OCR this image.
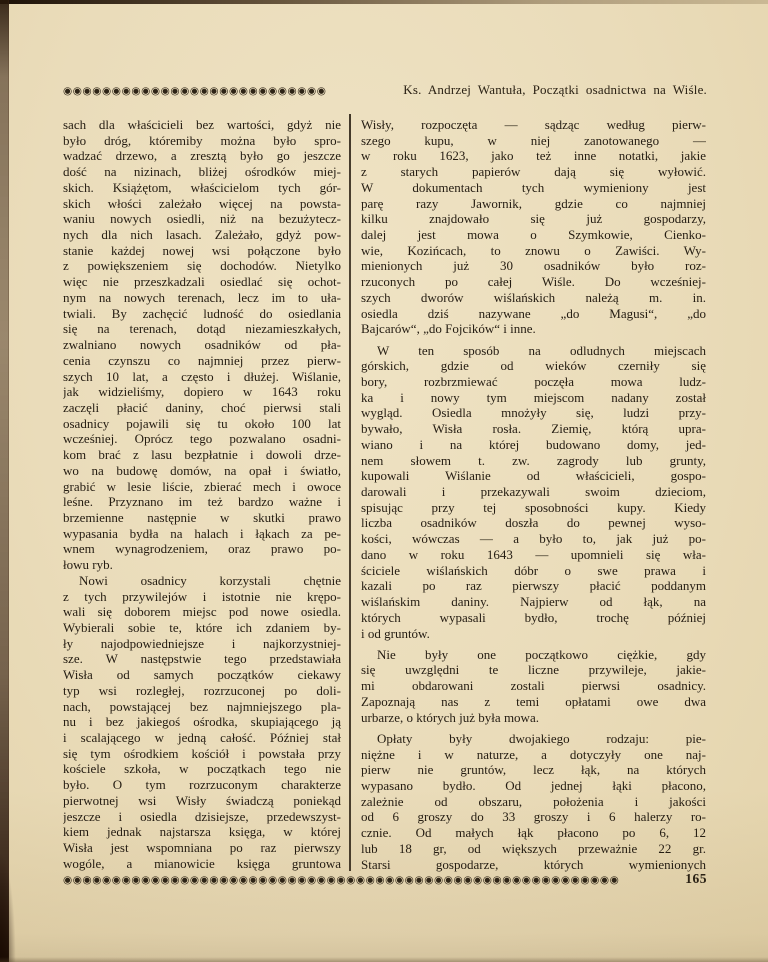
◉◉◉◉◉◉◉◉◉◉◉◉◉◉◉◉◉◉◉◉◉◉◉◉◉◉◉	Ks. Andrzej Wantuła, Początki osadnictwa na Wiśle.
sach dla właścicieli bez wartości, gdyż nie
było dróg, któremiby można było spro-
wadzać drzewo, a zresztą było go jeszcze
dość na nizinach, bliżej ośrodków miej-
skich. Książętom, właścicielom tych gór-
skich włości zależało więcej na powsta-
waniu nowych osiedli, niż na bezużytecz-
nych dla nich lasach. Zależało, gdyż pow-
stanie każdej nowej wsi połączone było
z powiększeniem się dochodów. Nietylko
więc nie przeszkadzali osiedlać się ochot-
nym na nowych terenach, lecz im to uła-
twiali. By zachęcić ludność do osiedlania
się na terenach, dotąd niezamieszkałych,
zwalniano nowych osadników od pła-
cenia czynszu co najmniej przez pierw-
szych 10 lat, a często i dłużej. Wiślanie,
jak widzieliśmy, dopiero w 1643 roku
zaczęli płacić daniny, choć pierwsi stali
osadnicy pojawili się tu około 100 lat
wcześniej. Oprócz tego pozwalano osadni-
kom brać z lasu bezpłatnie i dowoli drze-
wo na budowę domów, na opał i światło,
grabić w lesie liście, zbierać mech i owoce
leśne. Przyznano im też bardzo ważne i
brzemienne następnie w skutki prawo
wypasania bydła na halach i łąkach za pe-
wnem wynagrodzeniem, oraz prawo po-
łowu ryb.
Nowi osadnicy korzystali chętnie
z tych przywilejów i istotnie nie krępo-
wali się doborem miejsc pod nowe osiedla.
Wybierali sobie te, które ich zdaniem by-
ły najodpowiedniejsze i najkorzystniej-
sze. W następstwie tego przedstawiała
Wisła od samych początków ciekawy
typ wsi rozległej, rozrzuconej po doli-
nach, powstającej bez najmniejszego pla-
nu i bez jakiegoś ośrodka, skupiającego ją
i scalającego w jedną całość. Później stał
się tym ośrodkiem kościół i powstała przy
kościele szkoła, w początkach tego nie
było. O tym rozrzuconym charakterze
pierwotnej wsi Wisły świadczą poniekąd
jeszcze i osiedla dzisiejsze, przedewszyst-
kiem jednak najstarsza księga, w której
Wisła jest wspomniana po raz pierwszy
wogóle, a mianowicie księga gruntowa
Wisły, rozpoczęta — sądząc według pierw-
szego kupu, w niej zanotowanego —
w roku 1623, jako też inne notatki, jakie
z starych papierów dają się wyłowić.
W dokumentach tych wymieniony jest
parę razy Jawornik, gdzie co najmniej
kilku znajdowało się już gospodarzy,
dalej jest mowa o Szymkowie, Cienko-
wie, Kozińcach, to znowu o Zawiści. Wy-
mienionych już 30 osadników było roz-
rzuconych po całej Wiśle. Do wcześniej-
szych dworów wiślańskich należą m. in.
osiedla dziś nazywane „do Magusi“, „do
Bajcarów“, „do Fojcików“ i inne.
W ten sposób na odludnych miejscach
górskich, gdzie od wieków czerniły się
bory, rozbrzmiewać poczęła mowa ludz-
ka i nowy tym miejscom nadany został
wygląd. Osiedla mnożyły się, ludzi przy-
bywało, Wisła rosła. Ziemię, którą upra-
wiano i na której budowano domy, jed-
nem słowem t. zw. zagrody lub grunty,
kupowali Wiślanie od właścicieli, gospo-
darowali i przekazywali swoim dzieciom,
spisując przy tej sposobności kupy. Kiedy
liczba osadników doszła do pewnej wyso-
kości, wówczas — a było to, jak już po-
dano w roku 1643 — upomnieli się wła-
ściciele wiślańskich dóbr o swe prawa i
kazali po raz pierwszy płacić poddanym
wiślańskim daniny. Najpierw od łąk, na
których wypasali bydło, trochę później
i od gruntów.
Nie były one początkowo ciężkie, gdy
się uwzględni te liczne przywileje, jakie-
mi obdarowani zostali pierwsi osadnicy.
Zapoznają nas z temi opłatami owe dwa
urbarze, o których już była mowa.
Opłaty były dwojakiego rodzaju: pie-
niężne i w naturze, a dotyczyły one naj-
pierw nie gruntów, lecz łąk, na których
wypasano bydło. Od jednej łąki płacono,
zależnie od obszaru, położenia i jakości
od 6 groszy do 33 groszy i 6 halerzy ro-
cznie. Od małych łąk płacono po 6, 12
lub 18 gr, od większych przeważnie 22 gr.
Starsi gospodarze, których wymienionych
◉◉◉◉◉◉◉◉◉◉◉◉◉◉◉◉◉◉◉◉◉◉◉◉◉◉◉◉◉◉◉◉◉◉◉◉◉◉◉◉◉◉◉◉◉◉◉◉◉◉◉◉◉◉◉◉◉	165
